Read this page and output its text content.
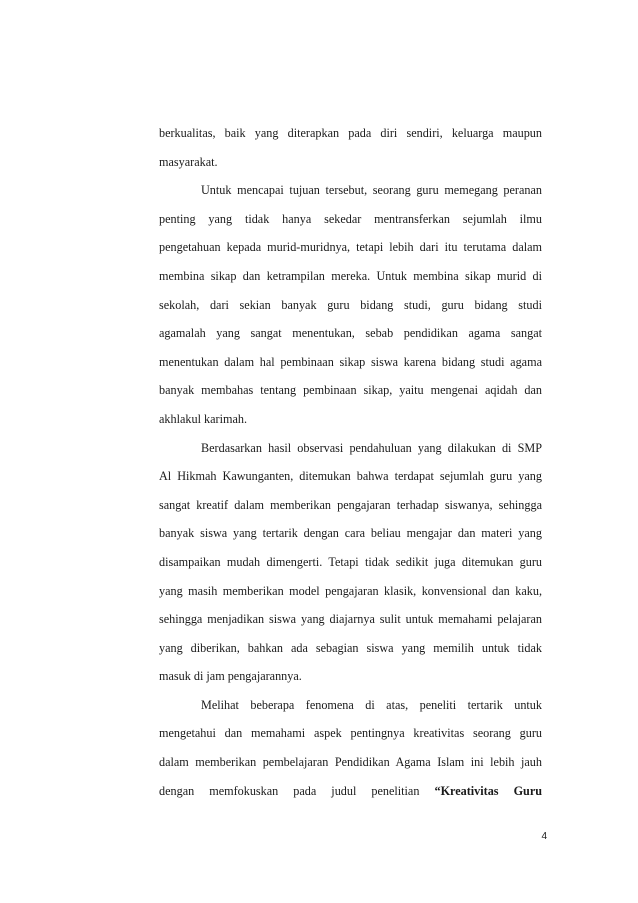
berkualitas, baik yang diterapkan pada diri sendiri, keluarga maupun
masyarakat.
Untuk mencapai tujuan tersebut, seorang guru memegang peranan
penting yang tidak hanya sekedar mentransferkan sejumlah ilmu
pengetahuan kepada murid-muridnya, tetapi lebih dari itu terutama dalam
membina sikap dan ketrampilan mereka. Untuk membina sikap murid di
sekolah, dari sekian banyak guru bidang studi, guru bidang studi
agamalah yang sangat menentukan, sebab pendidikan agama sangat
menentukan dalam hal pembinaan sikap siswa karena bidang studi agama
banyak membahas tentang pembinaan sikap, yaitu mengenai aqidah dan
akhlakul karimah.
Berdasarkan hasil observasi pendahuluan yang dilakukan di SMP
Al Hikmah Kawunganten, ditemukan bahwa terdapat sejumlah guru yang
sangat kreatif dalam memberikan pengajaran terhadap siswanya, sehingga
banyak siswa yang tertarik dengan cara beliau mengajar dan materi yang
disampaikan mudah dimengerti. Tetapi tidak sedikit juga ditemukan guru
yang masih memberikan model pengajaran klasik, konvensional dan kaku,
sehingga menjadikan siswa yang diajarnya sulit untuk memahami pelajaran
yang diberikan, bahkan ada sebagian siswa yang memilih untuk tidak
masuk di jam pengajarannya.
Melihat beberapa fenomena di atas, peneliti tertarik untuk
mengetahui dan memahami aspek pentingnya kreativitas seorang guru
dalam memberikan pembelajaran Pendidikan Agama Islam ini lebih jauh
dengan memfokuskan pada judul penelitian “Kreativitas Guru
4
